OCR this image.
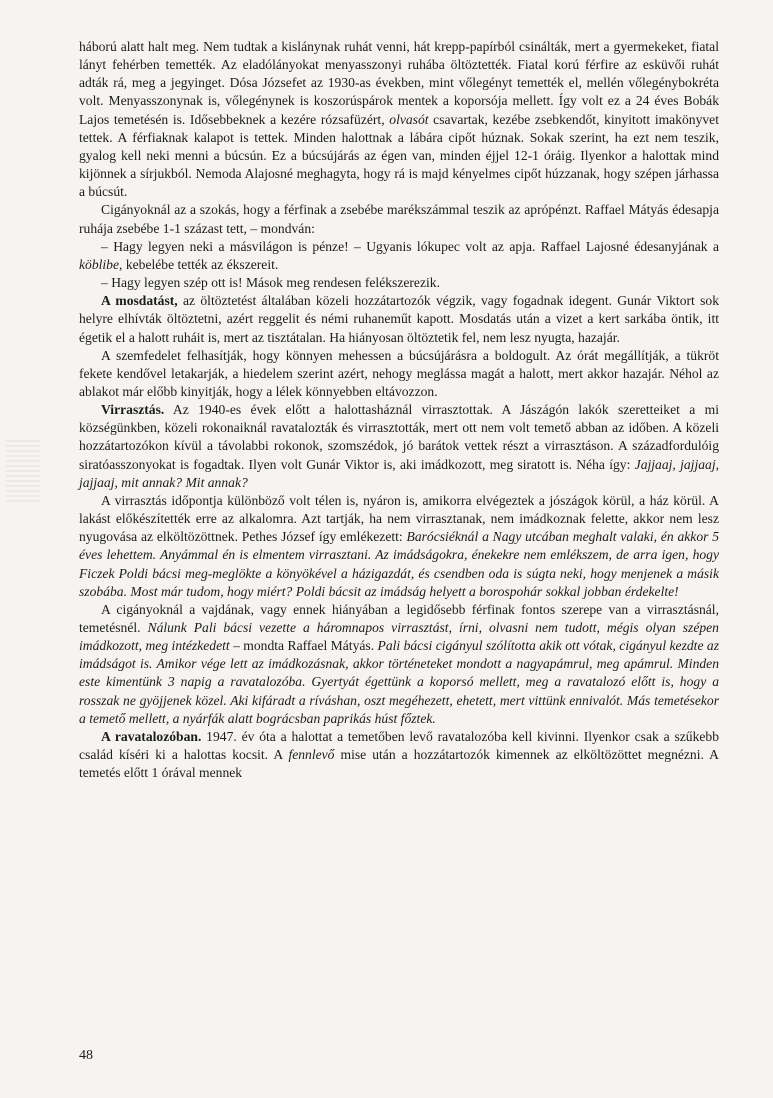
háború alatt halt meg. Nem tudtak a kislánynak ruhát venni, hát krepp-papírból csinálták, mert a gyermekeket, fiatal lányt fehérben temették. Az eladólányokat menyasszonyi ruhába öltöztették. Fiatal korú férfire az esküvői ruhát adták rá, meg a jegyinget. Dósa Józsefet az 1930-as években, mint vőlegényt temették el, mellén vőlegénybokréta volt. Menyasszonynak is, vőlegénynek is koszorúspárok mentek a koporsója mellett. Így volt ez a 24 éves Bobák Lajos temetésén is. Idősebbeknek a kezére rózsafüzért, olvasót csavartak, kezébe zsebkendőt, kinyitott imakönyvet tettek. A férfiaknak kalapot is tettek. Minden halottnak a lábára cipőt húznak. Sokak szerint, ha ezt nem teszik, gyalog kell neki menni a búcsún. Ez a búcsújárás az égen van, minden éjjel 12-1 óráig. Ilyenkor a halottak mind kijönnek a sírjukból. Nemoda Alajosné meghagyta, hogy rá is majd kényelmes cipőt húzzanak, hogy szépen járhassa a búcsút.

Cigányoknál az a szokás, hogy a férfinak a zsebébe marékszámmal teszik az aprópénzt. Raffael Mátyás édesapja ruhája zsebébe 1-1 százast tett, – mondván:

– Hagy legyen neki a másvilágon is pénze! – Ugyanis lókupec volt az apja. Raffael Lajosné édesanyjának a köblibe, kebelébe tették az ékszereit.

– Hagy legyen szép ott is! Mások meg rendesen felékszerezik.

A mosdatást, az öltöztetést általában közeli hozzátartozók végzik, vagy fogadnak idegent. Gunár Viktort sok helyre elhívták öltöztetni, azért reggelit és némi ruhaneműt kapott. Mosdatás után a vizet a kert sarkába öntik, itt égetik el a halott ruháit is, mert az tisztátalan. Ha hiányosan öltöztetik fel, nem lesz nyugta, hazajár.

A szemfedelet felhasítják, hogy könnyen mehessen a búcsújárásra a boldogult. Az órát megállítják, a tükröt fekete kendővel letakarják, a hiedelem szerint azért, nehogy meglássa magát a halott, mert akkor hazajár. Néhol az ablakot már előbb kinyitják, hogy a lélek könnyebben eltávozzon.

Virrasztás. Az 1940-es évek előtt a halottasháznál virrasztottak. A Jászágón lakók szeretteiket a mi községünkben, közeli rokonaiknál ravatalozták és virrasztották, mert ott nem volt temető abban az időben. A közeli hozzátartozókon kívül a távolabbi rokonok, szomszédok, jó barátok vettek részt a virrasztáson. A századfordulóig siratóasszonyokat is fogadtak. Ilyen volt Gunár Viktor is, aki imádkozott, meg siratott is. Néha így: Jajjaaj, jajjaaj, jajjaaj, mit annak? Mit annak?

A virrasztás időpontja különböző volt télen is, nyáron is, amikorra elvégeztek a jószágok körül, a ház körül. A lakást előkészítették erre az alkalomra. Azt tartják, ha nem virrasztanak, nem imádkoznak felette, akkor nem lesz nyugovása az elköltözöttnek. Pethes József így emlékezett: Barócsiéknál a Nagy utcában meghalt valaki, én akkor 5 éves lehettem. Anyámmal én is elmentem virrasztani. Az imádságokra, énekekre nem emlékszem, de arra igen, hogy Ficzek Poldi bácsi meg-meglökte a könyökével a házigazdát, és csendben oda is súgta neki, hogy menjenek a másik szobába. Most már tudom, hogy miért? Poldi bácsit az imádság helyett a borospohár sokkal jobban érdekelte!

A cigányoknál a vajdának, vagy ennek hiányában a legidősebb férfinak fontos szerepe van a virrasztásnál, temetésnél. Nálunk Pali bácsi vezette a háromnapos virrasztást, írni, olvasni nem tudott, mégis olyan szépen imádkozott, meg intézkedett – mondta Raffael Mátyás. Pali bácsi cigányul szólította akik ott vótak, cigányul kezdte az imádságot is. Amikor vége lett az imádkozásnak, akkor történeteket mondott a nagyapámrul, meg apámrul. Minden este kimentünk 3 napig a ravatalozóba. Gyertyát égettünk a koporsó mellett, meg a ravatalozó előtt is, hogy a rosszak ne gyöjjenek közel. Aki kifáradt a ríváshan, oszt megéhezett, ehetett, mert vittünk ennivalót. Más temetésekor a temető mellett, a nyárfák alatt bográcsban paprikás húst főztek.

A ravatalozóban. 1947. év óta a halottat a temetőben levő ravatalozóba kell kivinni. Ilyenkor csak a szűkebb család kíséri ki a halottas kocsit. A fennlevő mise után a hozzátartozók kimennek az elköltözöttet megnézni. A temetés előtt 1 órával mennek

48
